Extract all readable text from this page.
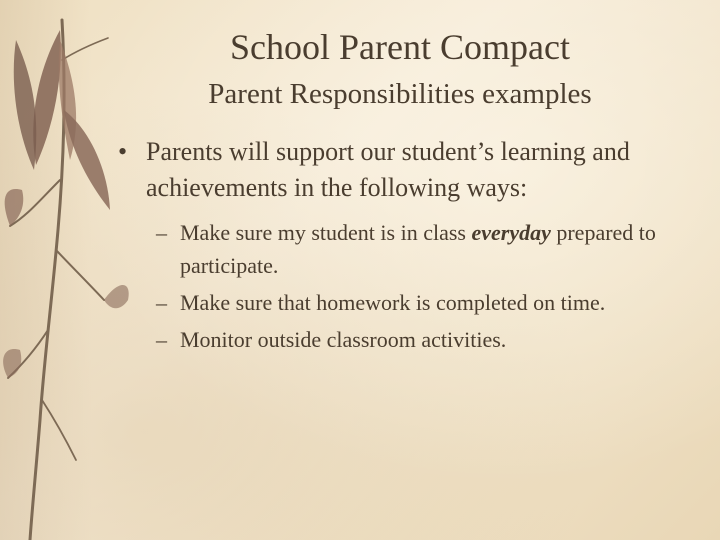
School Parent Compact
Parent Responsibilities examples
• Parents will support our student’s learning and achievements in the following ways:
– Make sure my student is in class everyday prepared to participate.
– Make sure that homework is completed on time.
– Monitor outside classroom activities.
